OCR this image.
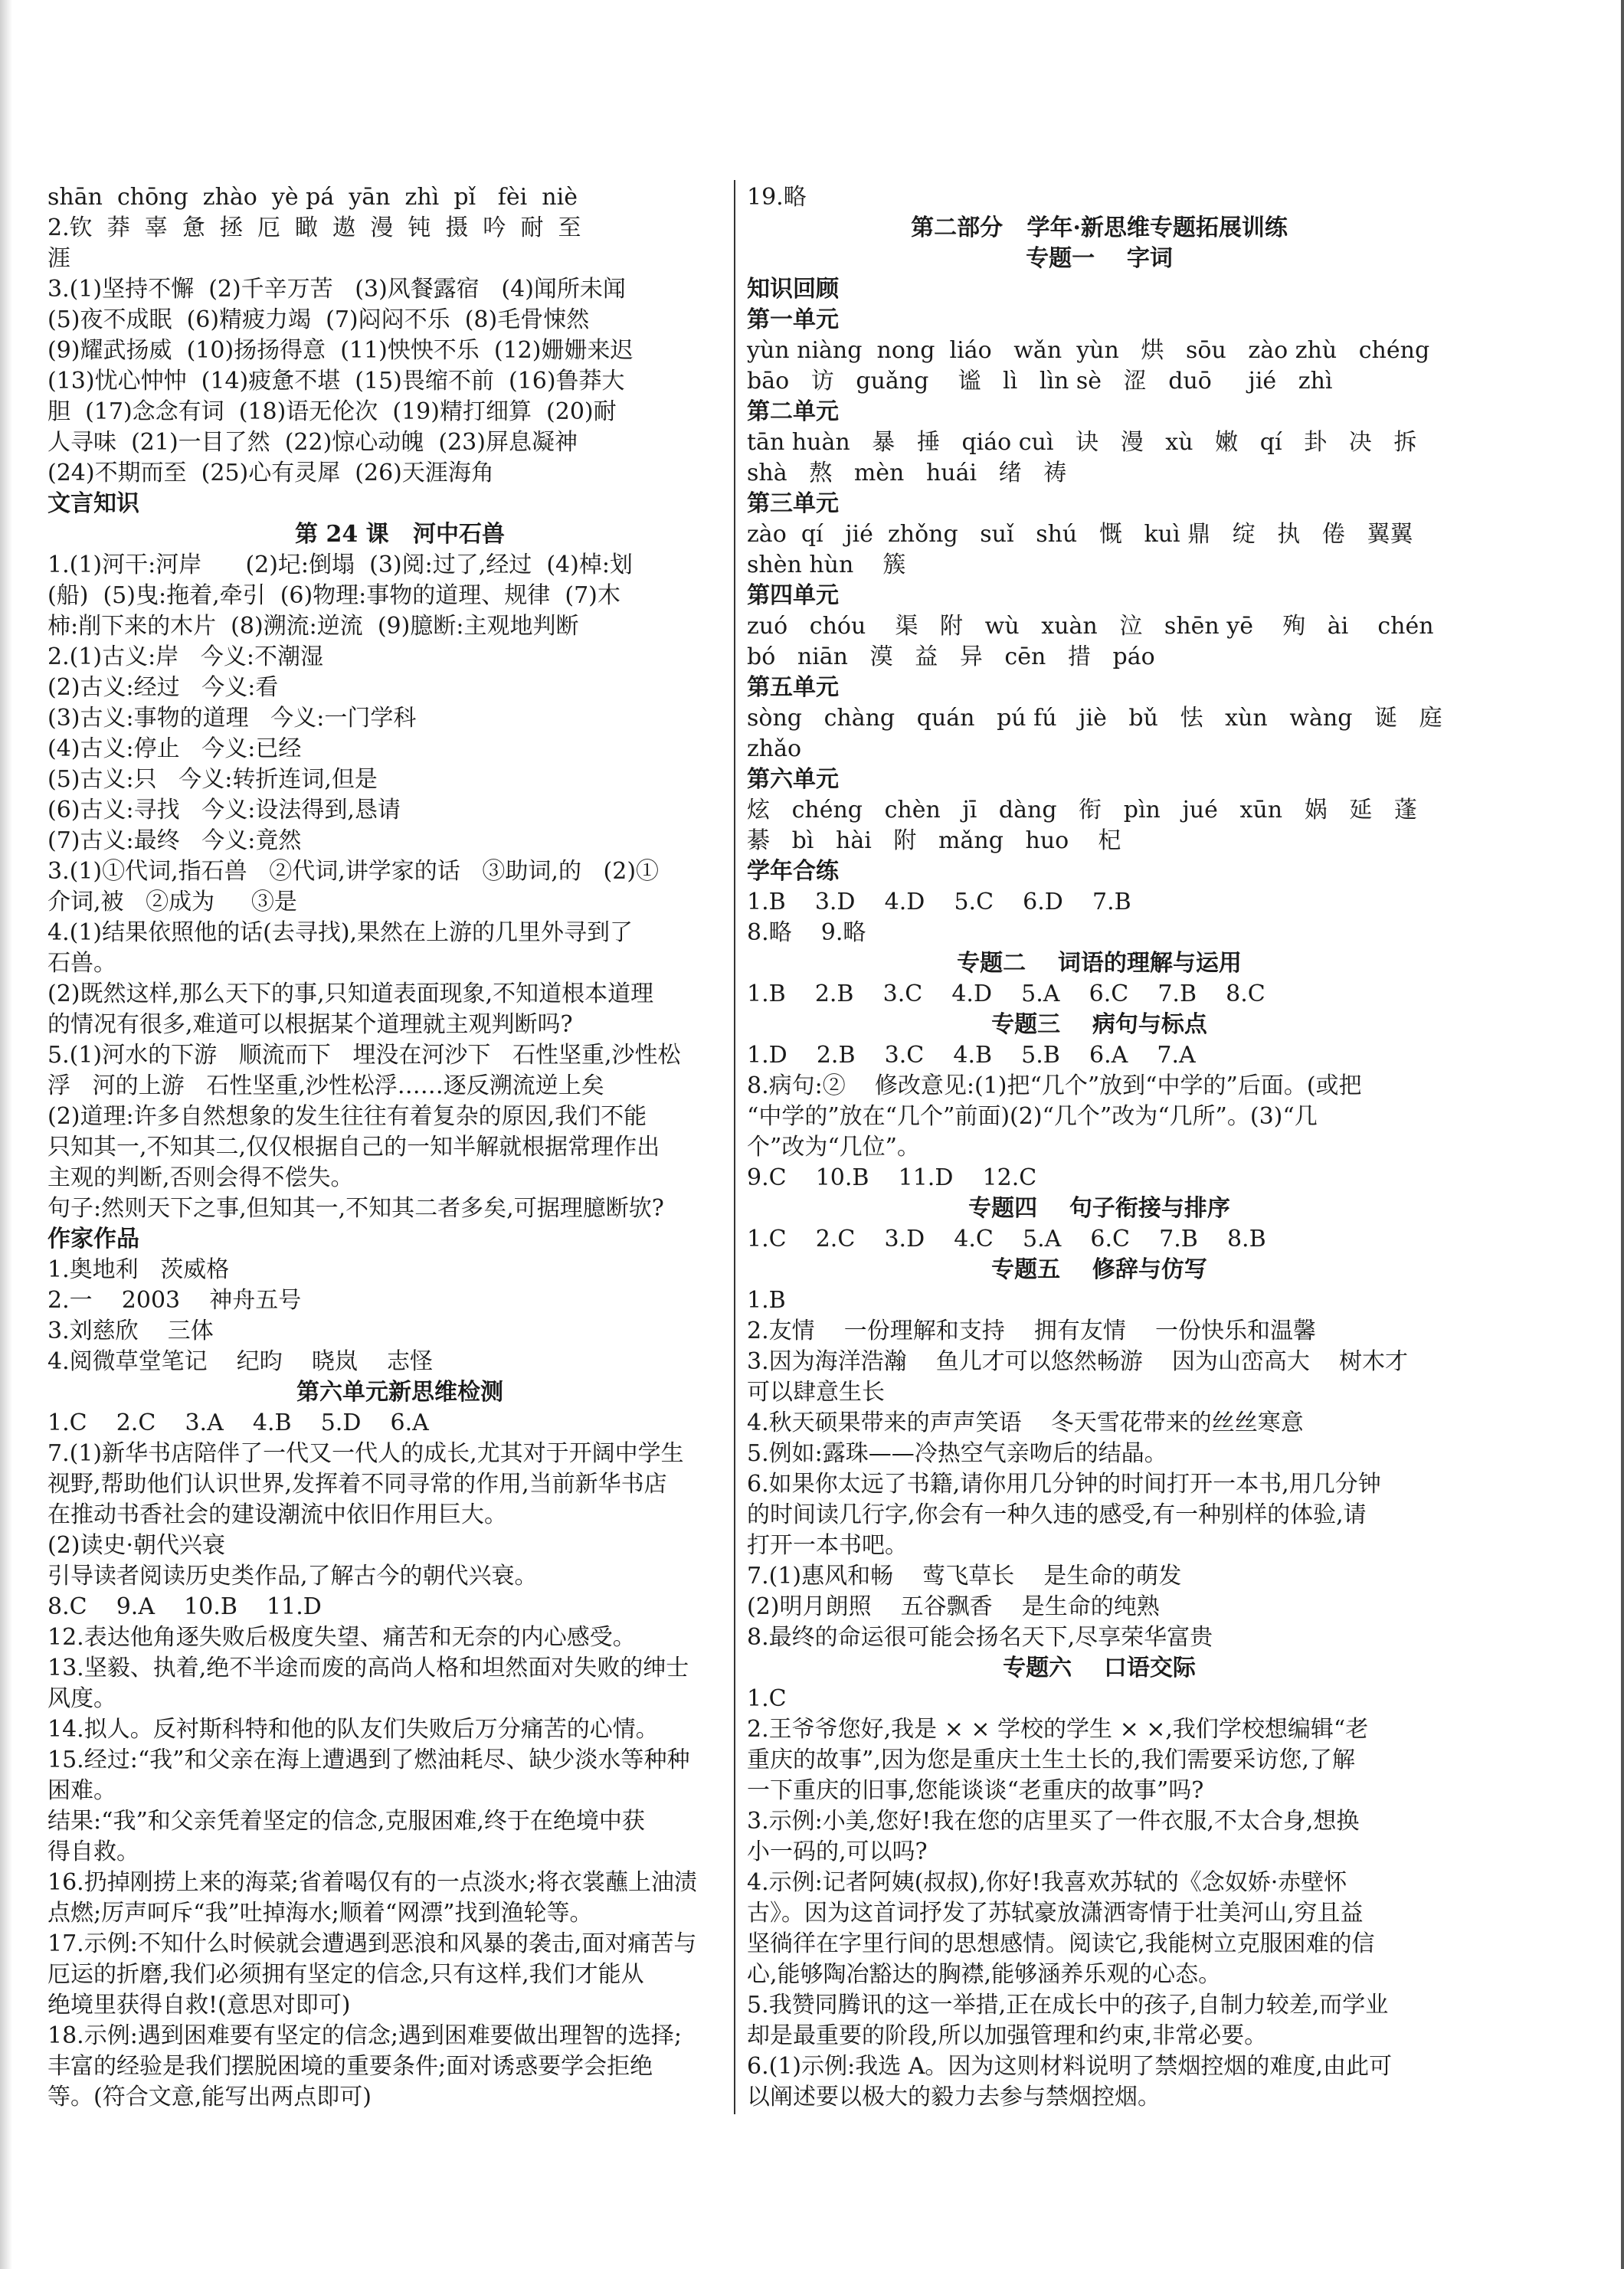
shān  chōng  zhào  yè pá  yān  zhì  pǐ   fèi  niè
2.钦  莽  辜  惫  拯  厄  瞰  遨  漫  钝  摄  吟  耐  至
涯
3.(1)坚持不懈  (2)千辛万苦   (3)风餐露宿   (4)闻所未闻
(5)夜不成眠  (6)精疲力竭  (7)闷闷不乐  (8)毛骨悚然
(9)耀武扬威  (10)扬扬得意  (11)怏怏不乐  (12)姗姗来迟
(13)忧心忡忡  (14)疲惫不堪  (15)畏缩不前  (16)鲁莽大
胆  (17)念念有词  (18)语无伦次  (19)精打细算  (20)耐
人寻味  (21)一目了然  (22)惊心动魄  (23)屏息凝神
(24)不期而至  (25)心有灵犀  (26)天涯海角
文言知识
第 24 课   河中石兽
1.(1)河干:河岸      (2)圮:倒塌  (3)阅:过了,经过  (4)棹:划
(船)  (5)曳:拖着,牵引  (6)物理:事物的道理、规律  (7)木
柿:削下来的木片  (8)溯流:逆流  (9)臆断:主观地判断
2.(1)古义:岸   今义:不潮湿
(2)古义:经过   今义:看
(3)古义:事物的道理   今义:一门学科
(4)古义:停止   今义:已经
(5)古义:只   今义:转折连词,但是
(6)古义:寻找   今义:设法得到,恳请
(7)古义:最终   今义:竟然
3.(1)①代词,指石兽   ②代词,讲学家的话   ③助词,的   (2)①
介词,被   ②成为     ③是
4.(1)结果依照他的话(去寻找),果然在上游的几里外寻到了
石兽。
(2)既然这样,那么天下的事,只知道表面现象,不知道根本道理
的情况有很多,难道可以根据某个道理就主观判断吗?
5.(1)河水的下游   顺流而下   埋没在河沙下   石性坚重,沙性松
浮   河的上游   石性坚重,沙性松浮……逐反溯流逆上矣
(2)道理:许多自然想象的发生往往有着复杂的原因,我们不能
只知其一,不知其二,仅仅根据自己的一知半解就根据常理作出
主观的判断,否则会得不偿失。
句子:然则天下之事,但知其一,不知其二者多矣,可据理臆断欤?
作家作品
1.奥地利   茨威格
2.一    2003    神舟五号
3.刘慈欣    三体
4.阅微草堂笔记    纪昀    晓岚    志怪
第六单元新思维检测
1.C    2.C    3.A    4.B    5.D    6.A
7.(1)新华书店陪伴了一代又一代人的成长,尤其对于开阔中学生
视野,帮助他们认识世界,发挥着不同寻常的作用,当前新华书店
在推动书香社会的建设潮流中依旧作用巨大。
(2)读史·朝代兴衰
引导读者阅读历史类作品,了解古今的朝代兴衰。
8.C    9.A    10.B    11.D
12.表达他角逐失败后极度失望、痛苦和无奈的内心感受。
13.坚毅、执着,绝不半途而废的高尚人格和坦然面对失败的绅士
风度。
14.拟人。反衬斯科特和他的队友们失败后万分痛苦的心情。
15.经过:“我”和父亲在海上遭遇到了燃油耗尽、缺少淡水等种种
困难。
结果:“我”和父亲凭着坚定的信念,克服困难,终于在绝境中获
得自救。
16.扔掉刚捞上来的海菜;省着喝仅有的一点淡水;将衣裳蘸上油渍
点燃;厉声呵斥“我”吐掉海水;顺着“网漂”找到渔轮等。
17.示例:不知什么时候就会遭遇到恶浪和风暴的袭击,面对痛苦与
厄运的折磨,我们必须拥有坚定的信念,只有这样,我们才能从
绝境里获得自救!(意思对即可)
18.示例:遇到困难要有坚定的信念;遇到困难要做出理智的选择;
丰富的经验是我们摆脱困境的重要条件;面对诱惑要学会拒绝
等。(符合文意,能写出两点即可)
19.略
第二部分   学年·新思维专题拓展训练
专题一    字词
知识回顾
第一单元
yùn niàng  nong  liáo   wǎn  yùn   烘   sōu   zào zhù   chéng
bāo   访   guǎng    谧   lì   lìn sè   涩   duō     jié   zhì
第二单元
tān huàn   暴   捶   qiáo cuì   诀   漫   xù   嫩   qí   卦   决   拆
shà   熬   mèn   huái   绪   祷
第三单元
zào  qí   jié  zhǒng   suǐ   shú   慨   kuì 鼎   绽   执   倦   翼翼
shèn hùn    簇
第四单元
zuó   chóu    渠   附   wù   xuàn   泣   shēn yē    殉   ài    chén
bó   niān   漠   益   异   cēn   措   páo
第五单元
sòng   chàng   quán   pú fú   jiè   bǔ   怯   xùn   wàng   诞   庭
zhǎo
第六单元
炫   chéng   chèn   jī   dàng   衔   pìn   jué   xūn   娲   延   蓬
綦   bì   hài   附   mǎng   huo    杞
学年合练
1.B    3.D    4.D    5.C    6.D    7.B
8.略    9.略
专题二    词语的理解与运用
1.B    2.B    3.C    4.D    5.A    6.C    7.B    8.C
专题三    病句与标点
1.D    2.B    3.C    4.B    5.B    6.A    7.A
8.病句:②    修改意见:(1)把“几个”放到“中学的”后面。(或把
“中学的”放在“几个”前面)(2)“几个”改为“几所”。(3)“几
个”改为“几位”。
9.C    10.B    11.D    12.C
专题四    句子衔接与排序
1.C    2.C    3.D    4.C    5.A    6.C    7.B    8.B
专题五    修辞与仿写
1.B
2.友情    一份理解和支持    拥有友情    一份快乐和温馨
3.因为海洋浩瀚    鱼儿才可以悠然畅游    因为山峦高大    树木才
可以肆意生长
4.秋天硕果带来的声声笑语    冬天雪花带来的丝丝寒意
5.例如:露珠——冷热空气亲吻后的结晶。
6.如果你太远了书籍,请你用几分钟的时间打开一本书,用几分钟
的时间读几行字,你会有一种久违的感受,有一种别样的体验,请
打开一本书吧。
7.(1)惠风和畅    莺飞草长    是生命的萌发
(2)明月朗照    五谷飘香    是生命的纯熟
8.最终的命运很可能会扬名天下,尽享荣华富贵
专题六    口语交际
1.C
2.王爷爷您好,我是 × × 学校的学生 × ×,我们学校想编辑“老
重庆的故事”,因为您是重庆土生土长的,我们需要采访您,了解
一下重庆的旧事,您能谈谈“老重庆的故事”吗?
3.示例:小美,您好!我在您的店里买了一件衣服,不太合身,想换
小一码的,可以吗?
4.示例:记者阿姨(叔叔),你好!我喜欢苏轼的《念奴娇·赤壁怀
古》。因为这首词抒发了苏轼豪放潇洒寄情于壮美河山,穷且益
坚徜徉在字里行间的思想感情。阅读它,我能树立克服困难的信
心,能够陶冶豁达的胸襟,能够涵养乐观的心态。
5.我赞同腾讯的这一举措,正在成长中的孩子,自制力较差,而学业
却是最重要的阶段,所以加强管理和约束,非常必要。
6.(1)示例:我选 A。因为这则材料说明了禁烟控烟的难度,由此可
以阐述要以极大的毅力去参与禁烟控烟。
